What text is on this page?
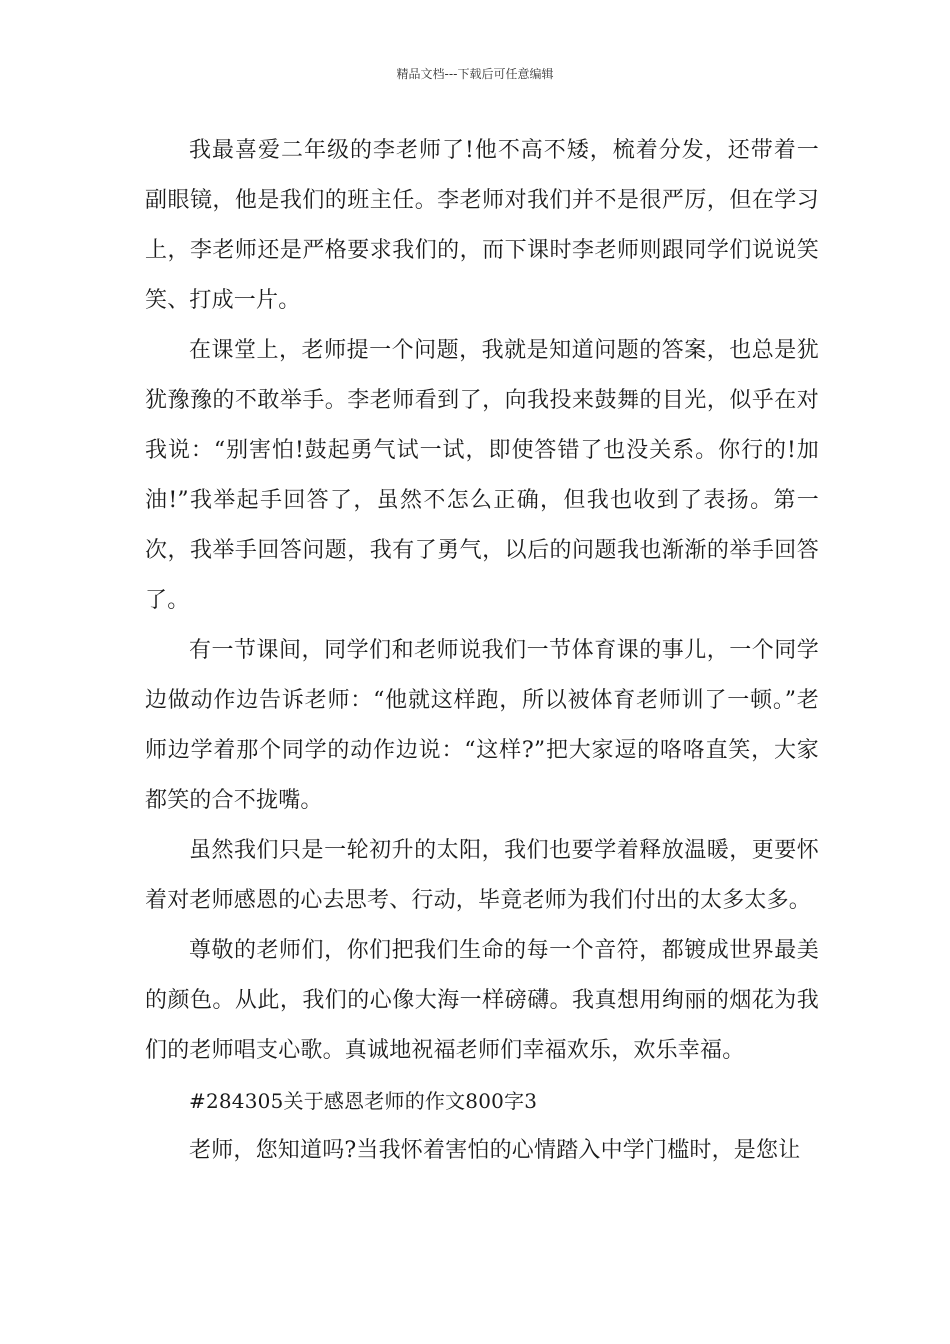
精品文档---下载后可任意编辑

我最喜爱二年级的李老师了!他不高不矮，梳着分发，还带着一副眼镜，他是我们的班主任。李老师对我们并不是很严厉，但在学习上，李老师还是严格要求我们的，而下课时李老师则跟同学们说说笑笑、打成一片。

在课堂上，老师提一个问题，我就是知道问题的答案，也总是犹犹豫豫的不敢举手。李老师看到了，向我投来鼓舞的目光，似乎在对我说：“别害怕!鼓起勇气试一试，即使答错了也没关系。你行的!加油!”我举起手回答了，虽然不怎么正确，但我也收到了表扬。第一次，我举手回答问题，我有了勇气，以后的问题我也渐渐的举手回答了。

有一节课间，同学们和老师说我们一节体育课的事儿，一个同学边做动作边告诉老师：“他就这样跑，所以被体育老师训了一顿。”老师边学着那个同学的动作边说：“这样?”把大家逗的咯咯直笑，大家都笑的合不拢嘴。

虽然我们只是一轮初升的太阳，我们也要学着释放温暖，更要怀着对老师感恩的心去思考、行动，毕竟老师为我们付出的太多太多。

尊敬的老师们，你们把我们生命的每一个音符，都镀成世界最美的颜色。从此，我们的心像大海一样磅礴。我真想用绚丽的烟花为我们的老师唱支心歌。真诚地祝福老师们幸福欢乐，欢乐幸福。

#284305关于感恩老师的作文800字3

老师，您知道吗?当我怀着害怕的心情踏入中学门槛时，是您让
